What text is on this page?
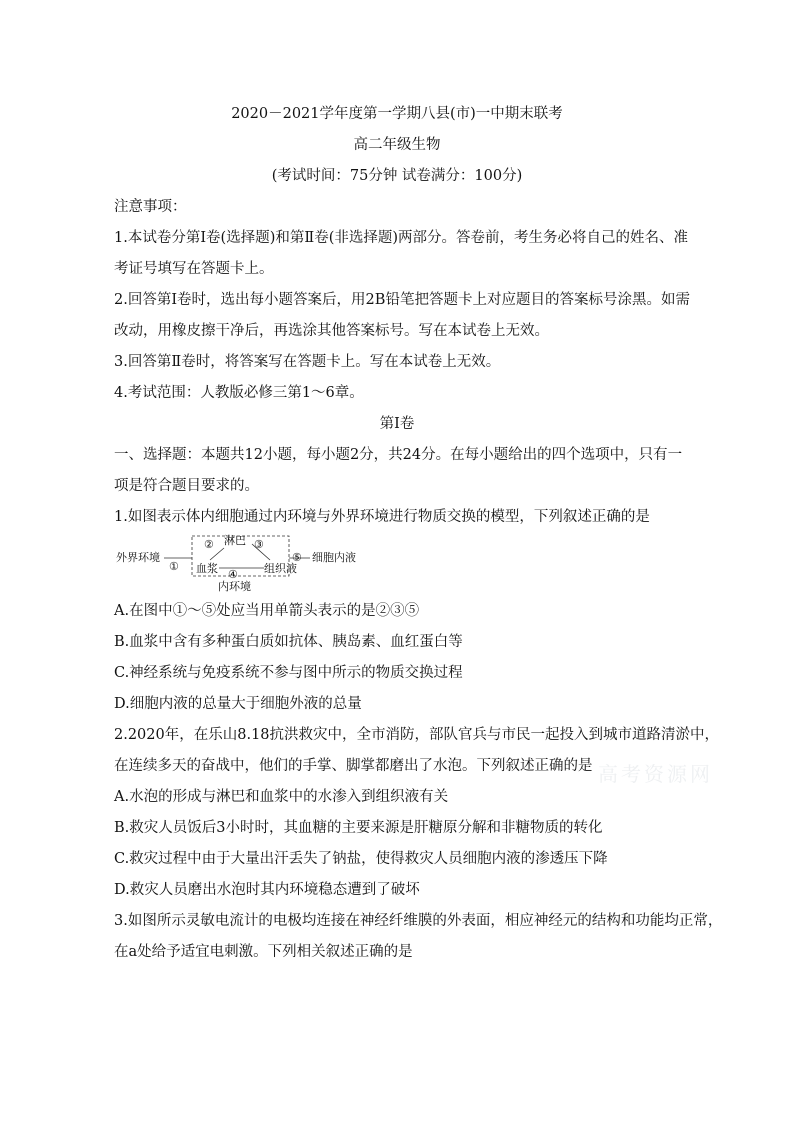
2020－2021学年度第一学期八县(市)一中期末联考
高二年级生物
(考试时间：75分钟 试卷满分：100分)
注意事项：
1.本试卷分第Ⅰ卷(选择题)和第Ⅱ卷(非选择题)两部分。答卷前，考生务必将自己的姓名、准
考证号填写在答题卡上。
2.回答第Ⅰ卷时，选出每小题答案后，用2B铅笔把答题卡上对应题目的答案标号涂黑。如需
改动，用橡皮擦干净后，再选涂其他答案标号。写在本试卷上无效。
3.回答第Ⅱ卷时，将答案写在答题卡上。写在本试卷上无效。
4.考试范围：人教版必修三第1～6章。
第Ⅰ卷
一、选择题：本题共12小题，每小题2分，共24分。在每小题给出的四个选项中，只有一
项是符合题目要求的。
1.如图表示体内细胞通过内环境与外界环境进行物质交换的模型，下列叙述正确的是
外界环境
①
② 淋巴 ③
血浆	组织液
④
内环境
⑤ 细胞内液
A.在图中①～⑤处应当用单箭头表示的是②③⑤
B.血浆中含有多种蛋白质如抗体、胰岛素、血红蛋白等
C.神经系统与免疫系统不参与图中所示的物质交换过程
D.细胞内液的总量大于细胞外液的总量
2.2020年，在乐山8.18抗洪救灾中，全市消防，部队官兵与市民一起投入到城市道路清淤中，
在连续多天的奋战中，他们的手掌、脚掌都磨出了水泡。下列叙述正确的是 高考资源网
A.水泡的形成与淋巴和血浆中的水渗入到组织液有关
B.救灾人员饭后3小时时，其血糖的主要来源是肝糖原分解和非糖物质的转化
C.救灾过程中由于大量出汗丢失了钠盐，使得救灾人员细胞内液的渗透压下降
D.救灾人员磨出水泡时其内环境稳态遭到了破坏
3.如图所示灵敏电流计的电极均连接在神经纤维膜的外表面，相应神经元的结构和功能均正常，
在a处给予适宜电刺激。下列相关叙述正确的是
